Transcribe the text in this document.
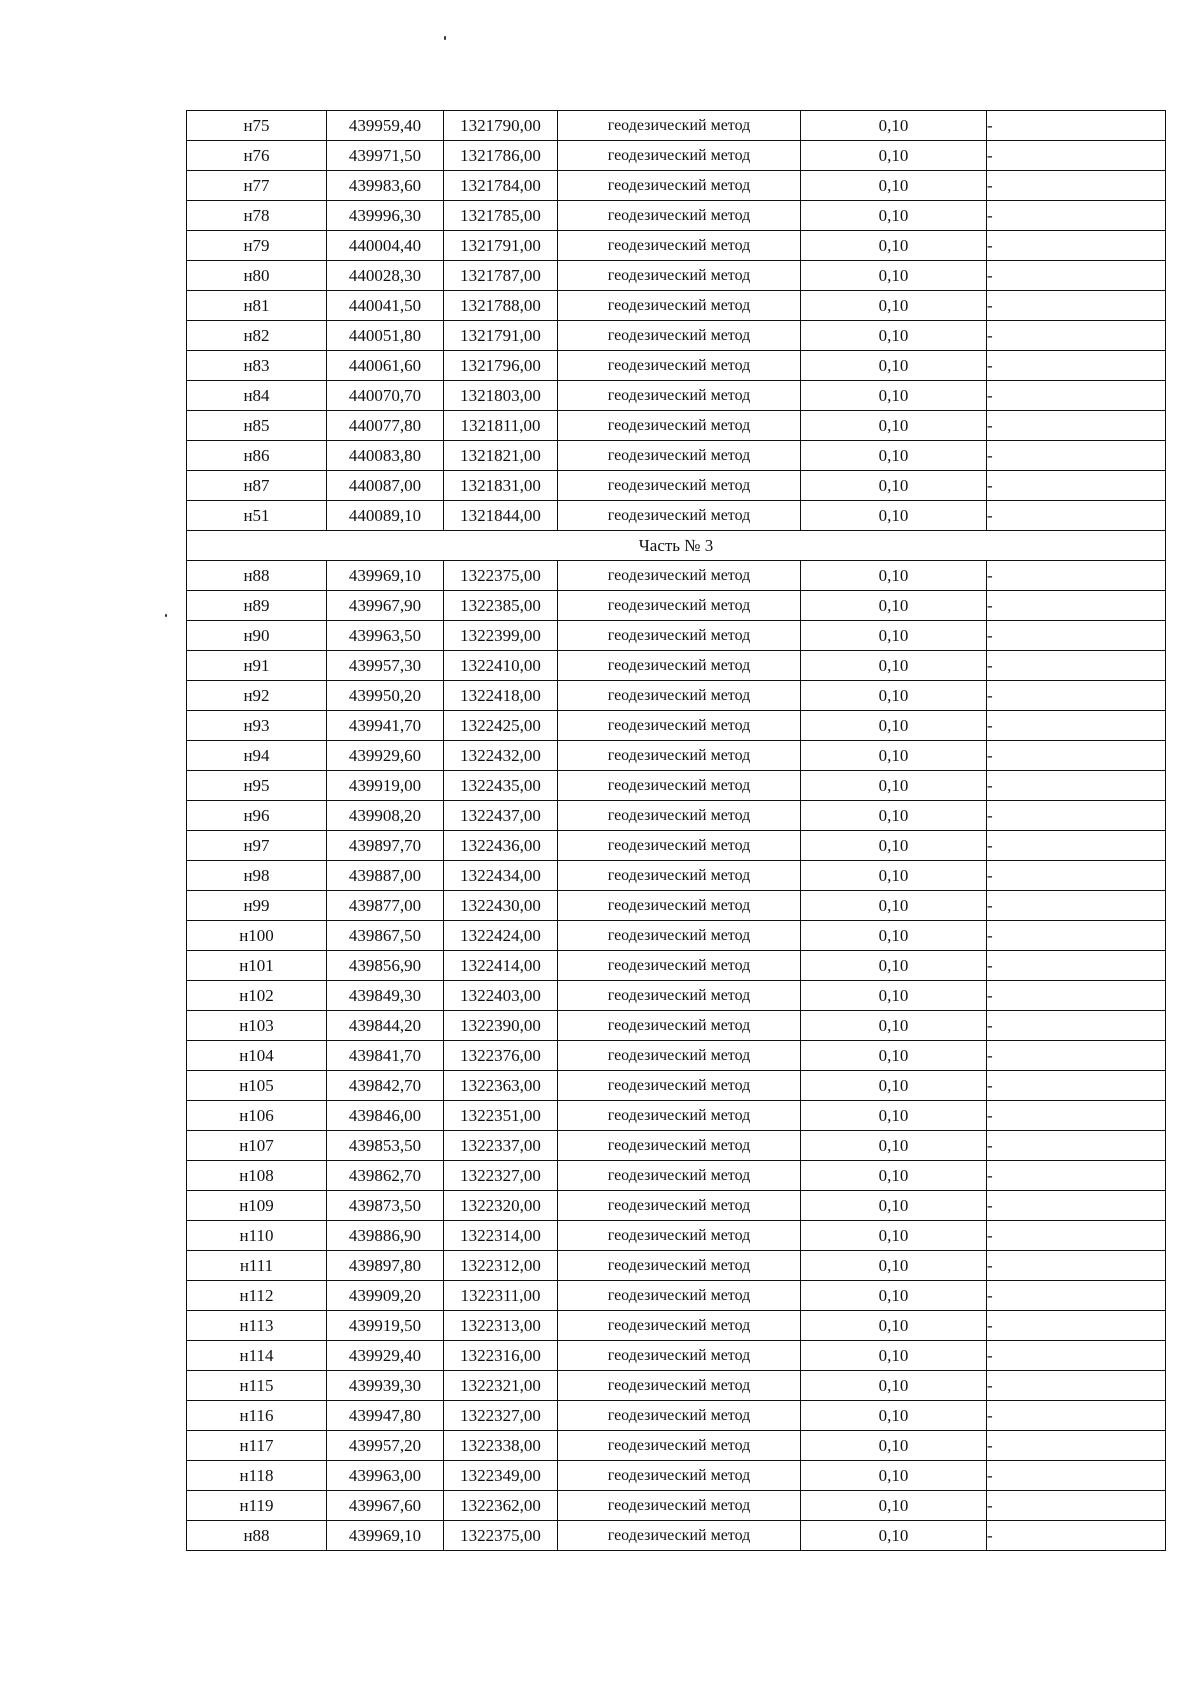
н75	439959,40	1321790,00	геодезический метод	0,10	-
н76	439971,50	1321786,00	геодезический метод	0,10	-
н77	439983,60	1321784,00	геодезический метод	0,10	-
н78	439996,30	1321785,00	геодезический метод	0,10	-
н79	440004,40	1321791,00	геодезический метод	0,10	-
н80	440028,30	1321787,00	геодезический метод	0,10	-
н81	440041,50	1321788,00	геодезический метод	0,10	-
н82	440051,80	1321791,00	геодезический метод	0,10	-
н83	440061,60	1321796,00	геодезический метод	0,10	-
н84	440070,70	1321803,00	геодезический метод	0,10	-
н85	440077,80	1321811,00	геодезический метод	0,10	-
н86	440083,80	1321821,00	геодезический метод	0,10	-
н87	440087,00	1321831,00	геодезический метод	0,10	-
н51	440089,10	1321844,00	геодезический метод	0,10	-
Часть № 3					
н88	439969,10	1322375,00	геодезический метод	0,10	-
н89	439967,90	1322385,00	геодезический метод	0,10	-
н90	439963,50	1322399,00	геодезический метод	0,10	-
н91	439957,30	1322410,00	геодезический метод	0,10	-
н92	439950,20	1322418,00	геодезический метод	0,10	-
н93	439941,70	1322425,00	геодезический метод	0,10	-
н94	439929,60	1322432,00	геодезический метод	0,10	-
н95	439919,00	1322435,00	геодезический метод	0,10	-
н96	439908,20	1322437,00	геодезический метод	0,10	-
н97	439897,70	1322436,00	геодезический метод	0,10	-
н98	439887,00	1322434,00	геодезический метод	0,10	-
н99	439877,00	1322430,00	геодезический метод	0,10	-
н100	439867,50	1322424,00	геодезический метод	0,10	-
н101	439856,90	1322414,00	геодезический метод	0,10	-
н102	439849,30	1322403,00	геодезический метод	0,10	-
н103	439844,20	1322390,00	геодезический метод	0,10	-
н104	439841,70	1322376,00	геодезический метод	0,10	-
н105	439842,70	1322363,00	геодезический метод	0,10	-
н106	439846,00	1322351,00	геодезический метод	0,10	-
н107	439853,50	1322337,00	геодезический метод	0,10	-
н108	439862,70	1322327,00	геодезический метод	0,10	-
н109	439873,50	1322320,00	геодезический метод	0,10	-
н110	439886,90	1322314,00	геодезический метод	0,10	-
н111	439897,80	1322312,00	геодезический метод	0,10	-
н112	439909,20	1322311,00	геодезический метод	0,10	-
н113	439919,50	1322313,00	геодезический метод	0,10	-
н114	439929,40	1322316,00	геодезический метод	0,10	-
н115	439939,30	1322321,00	геодезический метод	0,10	-
н116	439947,80	1322327,00	геодезический метод	0,10	-
н117	439957,20	1322338,00	геодезический метод	0,10	-
н118	439963,00	1322349,00	геодезический метод	0,10	-
н119	439967,60	1322362,00	геодезический метод	0,10	-
н88	439969,10	1322375,00	геодезический метод	0,10	-
